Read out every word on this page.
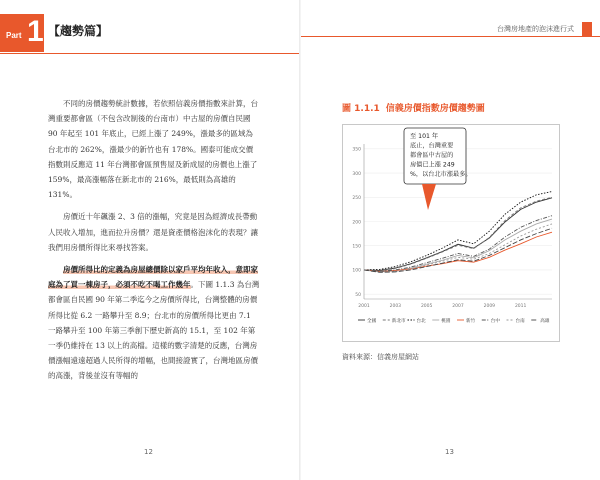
Part 1 【趨勢篇】

不同的房價趨勢統計數據，若依照信義房價指數來計算，台灣重要都會區（不包含改制後的台南市）中古屋的房價自民國 90 年起至 101 年底止，已經上漲了 249%，漲最多的區域為台北市的 262%，漲最少的新竹也有 178%。國泰可能成交價指數則反應這 11 年台灣都會區預售屋及新成屋的房價也上漲了 159%，最高漲幅落在新北市的 216%，最低則為高雄的 131%。

房價近十年飆漲 2、3 倍的漲幅，究竟是因為經濟成長帶動人民收入增加，進而拉升房價？還是資產價格泡沫化的表現？讓我們用房價所得比來尋找答案。

房價所得比的定義為房屋總價除以家戶平均年收入，意即家庭為了買一棟房子，必須不吃不喝工作幾年。下圖 1.1.3 為台灣都會區自民國 90 年第二季迄今之房價所得比，台灣整體的房價所得比從 6.2 一路攀升至 8.9；台北市的房價所得比更由 7.1 一路攀升至 100 年第三季創下歷史新高的 15.1，至 102 年第一季仍維持在 13 以上的高檔。這樣的數字清楚的反應，台灣房價漲幅遠遠超過人民所得的增幅，也間接證實了，台灣地區房價的高漲，背後並沒有等幅的

12
台灣房地產的泡沫進行式
13
圖 1.1.1 信義房價指數房價趨勢圖
50
100
150
200
250
300
350
2001	2003	2005	2007	2009	2011
至 101 年底止，台灣重要都會區中古屋的房價已上漲 249 %，以台北市漲最多。
全國	新北市 台北	桃園	新竹	台中	台南	高雄
資料來源：信義房屋網站
